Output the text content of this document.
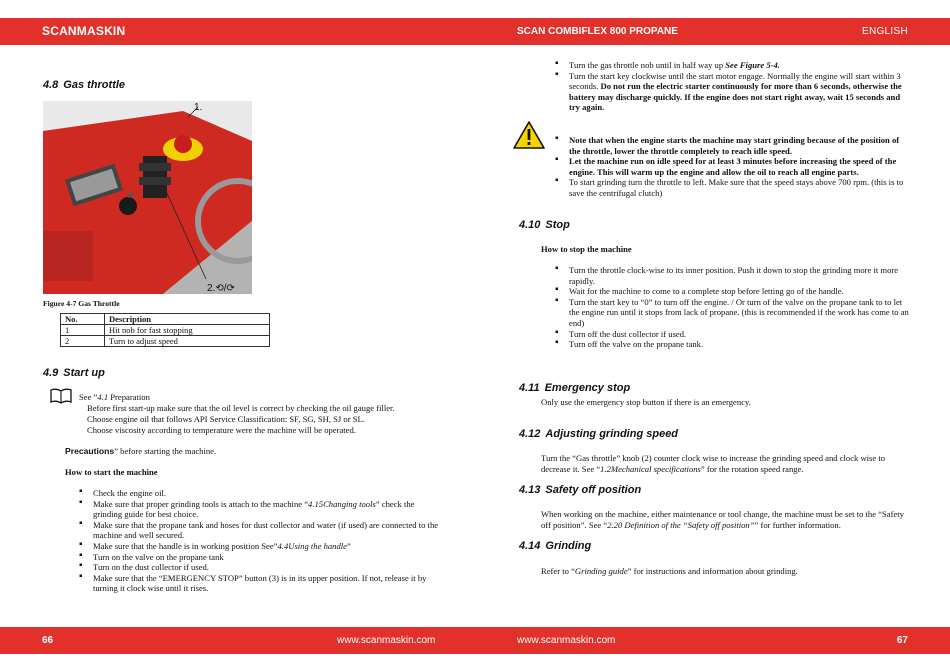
SCANMASKIN	SCAN COMBIFLEX 800 PROPANE	ENGLISH
4.8 Gas throttle
1.
2.⟲/⟳
Figure 4-7 Gas Throttle
No.	Description
1	Hit nob for fast stopping
2	Turn to adjust speed
4.9 Start up
See ”4.1 Preparation
Before first start-up make sure that the oil level is correct by checking the oil gauge filler.
Choose engine oil that follows API Service Classification: SF, SG, SH, SJ or SL.
Choose viscosity according to temperature were the machine will be operated.
Precautions” before starting the machine.
How to start the machine
▪ Check the engine oil.
▪ Make sure that proper grinding tools is attach to the machine “4.15Changing tools” check the grinding guide for best choice.
▪ Make sure that the propane tank and hoses for dust collector and water (if used) are connected to the machine and well secured.
▪ Make sure that the handle is in working position See”4.4Using the handle”
▪ Turn on the valve on the propane tank
▪ Turn on the dust collector if used.
▪ Make sure that the “EMERGENCY STOP” button (3) is in its upper position. If not, release it by turning it clock wise until it rises.
▪ Turn the gas throttle nob until in half way up See Figure 5-4.
▪ Turn the start key clockwise until the start motor engage. Normally the engine will start within 3 seconds. Do not run the electric starter continuously for more than 6 seconds, otherwise the battery may discharge quickly. If the engine does not start right away, wait 15 seconds and try again.
▪ Note that when the engine starts the machine may start grinding because of the position of the throttle, lower the throttle completely to reach idle speed.
▪ Let the machine run on idle speed for at least 3 minutes before increasing the speed of the engine. This will warm up the engine and allow the oil to reach all engine parts.
▪ To start grinding turn the throttle to left. Make sure that the speed stays above 700 rpm. (this is to save the centrifugal clutch)
4.10 Stop
How to stop the machine
▪ Turn the throttle clock-wise to its inner position. Push it down to stop the grinding more it more rapidly.
▪ Wait for the machine to come to a complete stop before letting go of the handle.
▪ Turn the start key to “0” to turn off the engine. / Or turn of the valve on the propane tank to to let the engine run until it stops from lack of propane. (this is recommended if the work has come to an end)
▪ Turn off the dust collector if used.
▪ Turn off the valve on the propane tank.
4.11 Emergency stop
Only use the emergency stop button if there is an emergency.
4.12 Adjusting grinding speed
Turn the “Gas throttle” knob (2) counter clock wise to increase the grinding speed and clock wise to decrease it. See “1.2Mechanical specifications” for the rotation speed range.
4.13 Safety off position
When working on the machine, either maintenance or tool change, the machine must be set to the “Safety off position”. See “2.20 Definition of the “Safety off position”” for further information.
4.14 Grinding
Refer to “Grinding guide” for instructions and information about grinding.
66	www.scanmaskin.com	www.scanmaskin.com	67
